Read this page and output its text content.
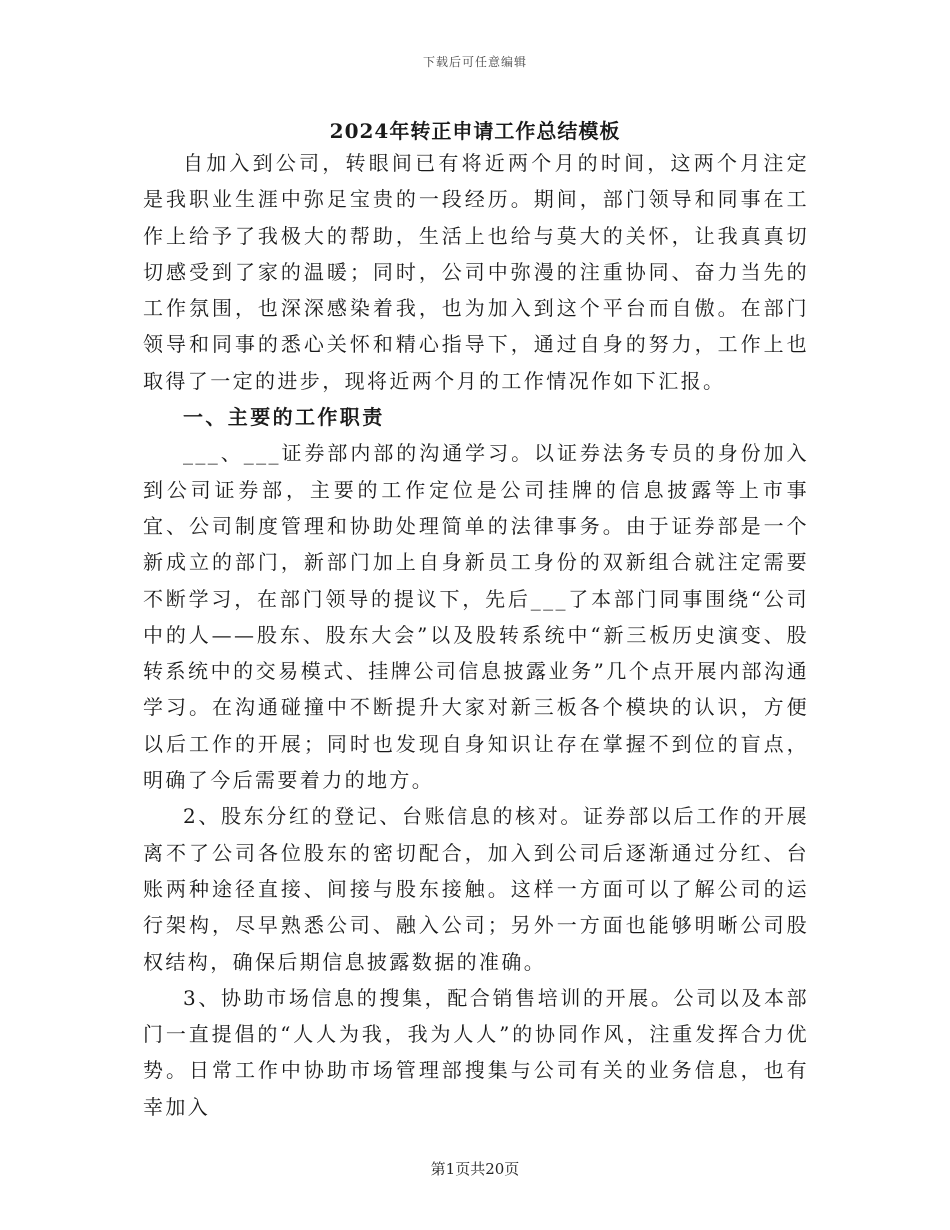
下载后可任意编辑
2024年转正申请工作总结模板

自加入到公司，转眼间已有将近两个月的时间，这两个月注定是我职业生涯中弥足宝贵的一段经历。期间，部门领导和同事在工作上给予了我极大的帮助，生活上也给与莫大的关怀，让我真真切切感受到了家的温暖；同时，公司中弥漫的注重协同、奋力当先的工作氛围，也深深感染着我，也为加入到这个平台而自傲。在部门领导和同事的悉心关怀和精心指导下，通过自身的努力，工作上也取得了一定的进步，现将近两个月的工作情况作如下汇报。

一、主要的工作职责

___、___证券部内部的沟通学习。以证券法务专员的身份加入到公司证券部，主要的工作定位是公司挂牌的信息披露等上市事宜、公司制度管理和协助处理简单的法律事务。由于证券部是一个新成立的部门，新部门加上自身新员工身份的双新组合就注定需要不断学习，在部门领导的提议下，先后___了本部门同事围绕“公司中的人——股东、股东大会”以及股转系统中“新三板历史演变、股转系统中的交易模式、挂牌公司信息披露业务”几个点开展内部沟通学习。在沟通碰撞中不断提升大家对新三板各个模块的认识，方便以后工作的开展；同时也发现自身知识让存在掌握不到位的盲点，明确了今后需要着力的地方。

2、股东分红的登记、台账信息的核对。证券部以后工作的开展离不了公司各位股东的密切配合，加入到公司后逐渐通过分红、台账两种途径直接、间接与股东接触。这样一方面可以了解公司的运行架构，尽早熟悉公司、融入公司；另外一方面也能够明晰公司股权结构，确保后期信息披露数据的准确。

3、协助市场信息的搜集，配合销售培训的开展。公司以及本部门一直提倡的“人人为我，我为人人”的协同作风，注重发挥合力优势。日常工作中协助市场管理部搜集与公司有关的业务信息，也有幸加入

第1页共20页
